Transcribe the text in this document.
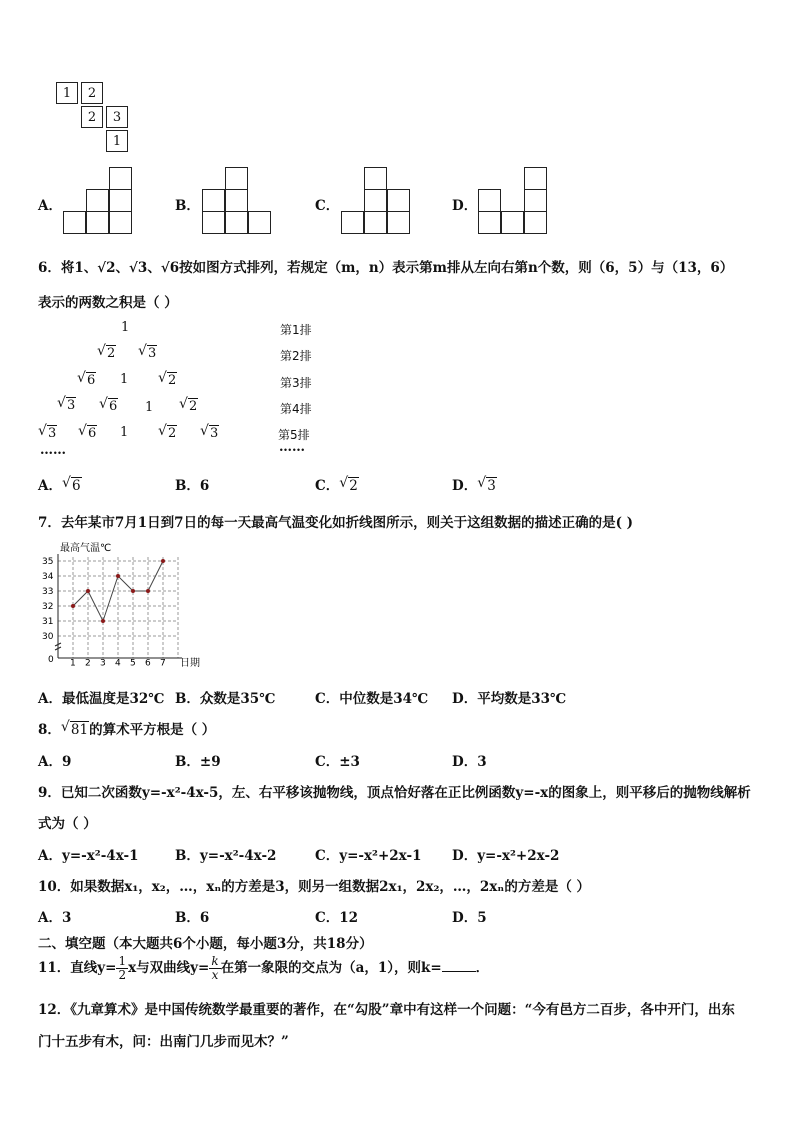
1	2
2	3
1
A．	B．	C．	D．
6．将1、√2、√3、√6按如图方式排列，若规定（m，n）表示第m排从左向右第n个数，则（6，5）与（13，6）
表示的两数之积是（ ）
1
√ 2 √ 3
√ 6 1 √ 2
√ 3 √ 6 1 √ 2
√ 3 √ 6 1 √ 2 √ 3
……
第1排
第2排
第3排
第4排
第5排
……
A． √ 6	B．6	C． √ 2	D． √ 3
7．去年某市7月1日到7日的每一天最高气温变化如折线图所示，则关于这组数据的描述正确的是( )
30
31
32
33
34
35
1 2 3 4 5 6 7
最高气温℃
日期
0
A．最低温度是32℃ B．众数是35℃	C．中位数是34℃ D．平均数是33℃
8． √ 81的算术平方根是（ ）
A．9	B．±9	C．±3	D．3
9．已知二次函数y=-x²-4x-5，左、右平移该抛物线，顶点恰好落在正比例函数y=-x的图象上，则平移后的抛物线解析
式为（ ）
A．y=-x²-4x-1	B．y=-x²-4x-2	C．y=-x²+2x-1 D．y=-x²+2x-2
10．如果数据x₁，x₂，…，xₙ的方差是3，则另一组数据2x₁，2x₂，…，2xₙ的方差是（ ）
A．3	B．6	C．12	D．5
二、填空题（本大题共6个小题，每小题3分，共18分）
11．直线$y= \frac{1}{2}$ x与双曲线$y= \frac{k}{x}$ 在第一象限的交点为（a，1），则k=	．
12．《九章算术》是中国传统数学最重要的著作，在“勾股”章中有这样一个问题：“今有邑方二百步，各中开门，出东
门十五步有木，问：出南门几步而见木？”
